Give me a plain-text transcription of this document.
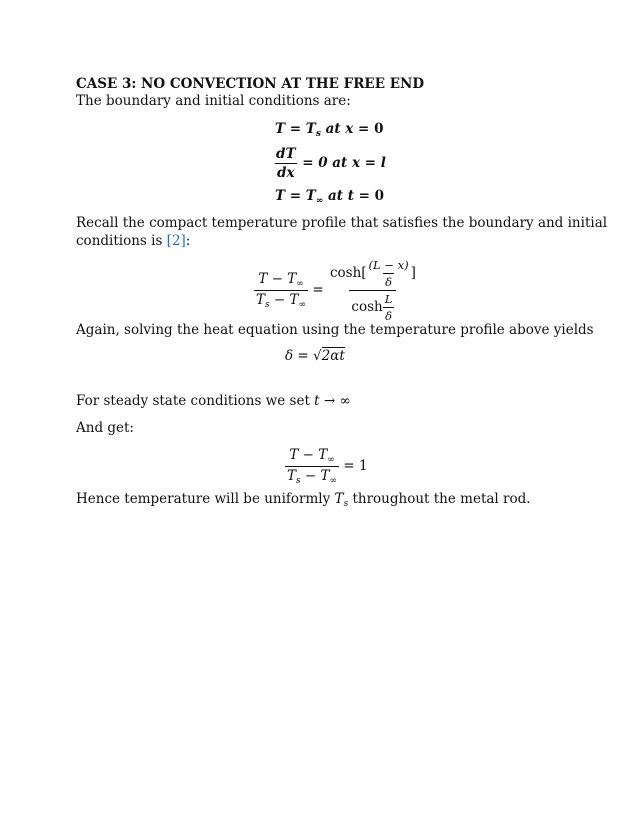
CASE 3: NO CONVECTION AT THE FREE END
The boundary and initial conditions are:
$T = T_s$ at x = 0
$\frac{dT}{dx} = 0$ at x = l
$T = T_\infty$ at t = 0
Recall the compact temperature profile that satisfies the boundary and initial
conditions is [2]:
$\frac{T - T_\infty}{T_s - T_\infty} = \frac{\cosh[ \frac{(L - x)}{\delta} ]}{\cosh \frac{L}{\delta}}$
Again, solving the heat equation using the temperature profile above yields
δ = √2αt
For steady state conditions we set t → ∞
And get:
$\frac{T - T_\infty}{T_s - T_\infty} = 1$
Hence temperature will be uniformly $T_s$ throughout the metal rod.
